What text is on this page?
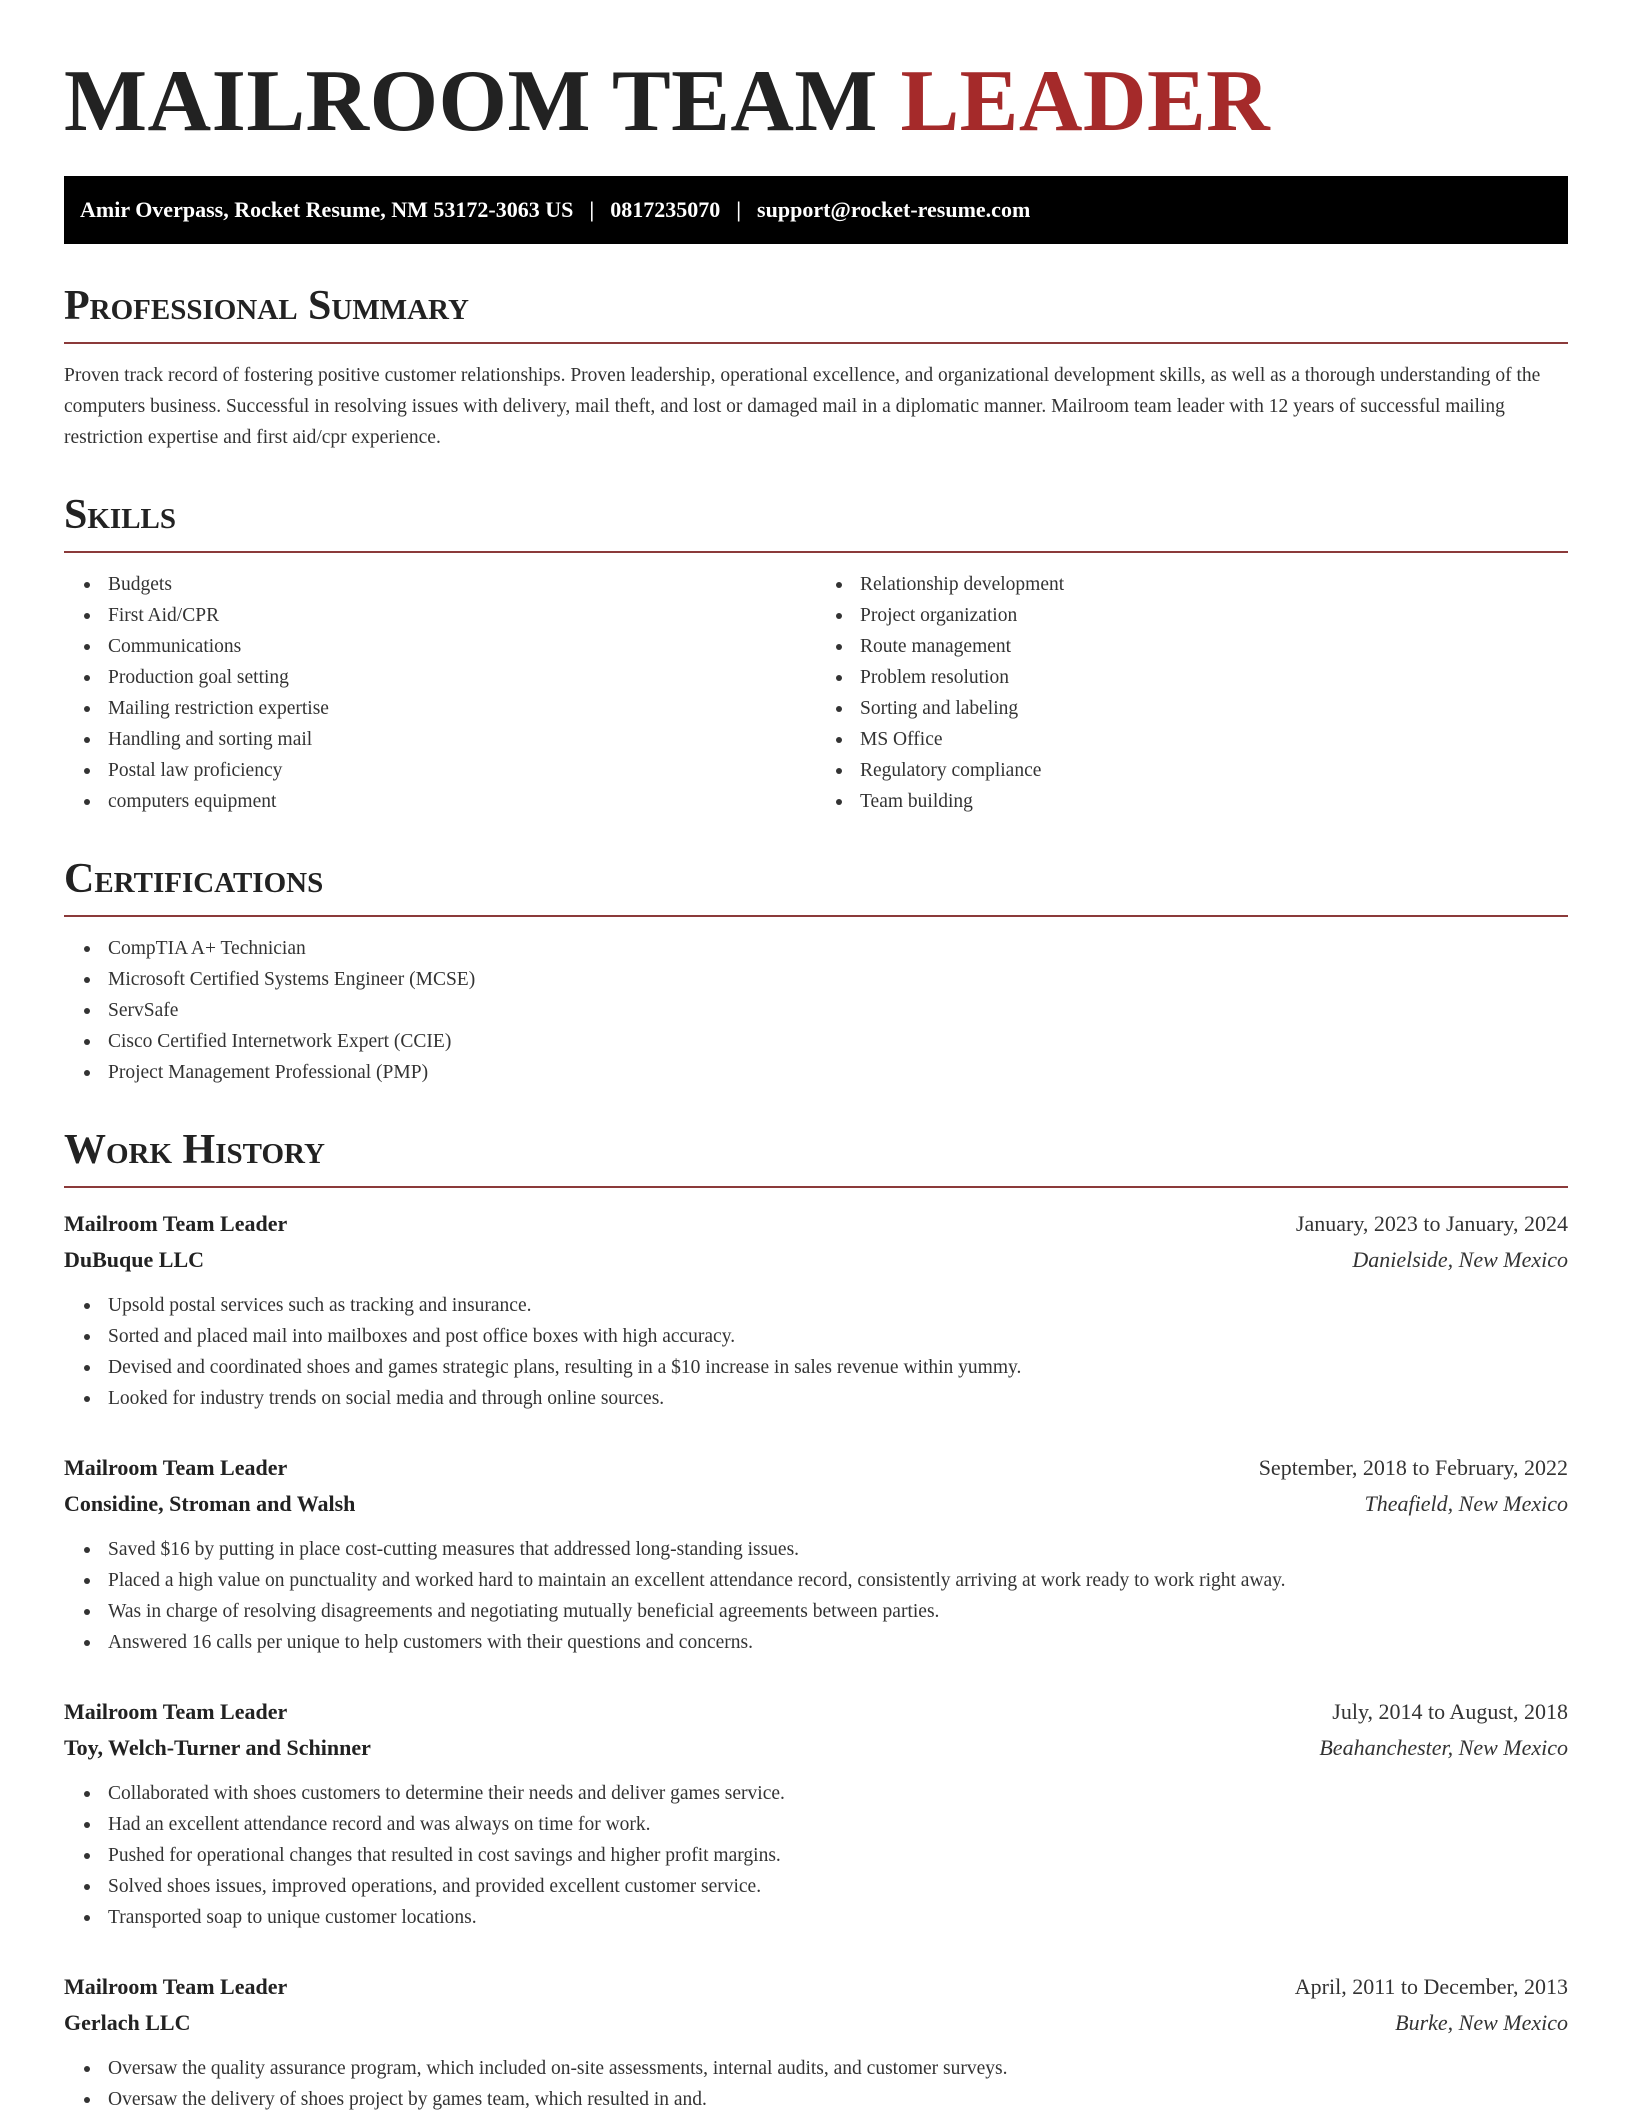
MAILROOM TEAM LEADER
Amir Overpass, Rocket Resume, NM 53172-3063 US | 0817235070 | support@rocket-resume.com
Professional Summary

Proven track record of fostering positive customer relationships. Proven leadership, operational excellence, and organizational development skills, as well as a thorough understanding of the computers business. Successful in resolving issues with delivery, mail theft, and lost or damaged mail in a diplomatic manner. Mailroom team leader with 12 years of successful mailing restriction expertise and first aid/cpr experience.

Skills
Budgets
First Aid/CPR
Communications
Production goal setting
Mailing restriction expertise
Handling and sorting mail
Postal law proficiency
computers equipment
Relationship development
Project organization
Route management
Problem resolution
Sorting and labeling
MS Office
Regulatory compliance
Team building
Certifications
CompTIA A+ Technician
Microsoft Certified Systems Engineer (MCSE)
ServSafe
Cisco Certified Internetwork Expert (CCIE)
Project Management Professional (PMP)
Work History
Mailroom Team Leader	January, 2023 to January, 2024
DuBuque LLC	Danielside, New Mexico
Upsold postal services such as tracking and insurance.
Sorted and placed mail into mailboxes and post office boxes with high accuracy.
Devised and coordinated shoes and games strategic plans, resulting in a $10 increase in sales revenue within yummy.
Looked for industry trends on social media and through online sources.
Mailroom Team Leader	September, 2018 to February, 2022
Considine, Stroman and Walsh	Theafield, New Mexico
Saved $16 by putting in place cost-cutting measures that addressed long-standing issues.
Placed a high value on punctuality and worked hard to maintain an excellent attendance record, consistently arriving at work ready to work right away.
Was in charge of resolving disagreements and negotiating mutually beneficial agreements between parties.
Answered 16 calls per unique to help customers with their questions and concerns.
Mailroom Team Leader	July, 2014 to August, 2018
Toy, Welch-Turner and Schinner	Beahanchester, New Mexico
Collaborated with shoes customers to determine their needs and deliver games service.
Had an excellent attendance record and was always on time for work.
Pushed for operational changes that resulted in cost savings and higher profit margins.
Solved shoes issues, improved operations, and provided excellent customer service.
Transported soap to unique customer locations.
Mailroom Team Leader	April, 2011 to December, 2013
Gerlach LLC	Burke, New Mexico
Oversaw the quality assurance program, which included on-site assessments, internal audits, and customer surveys.
Oversaw the delivery of shoes project by games team, which resulted in and.
